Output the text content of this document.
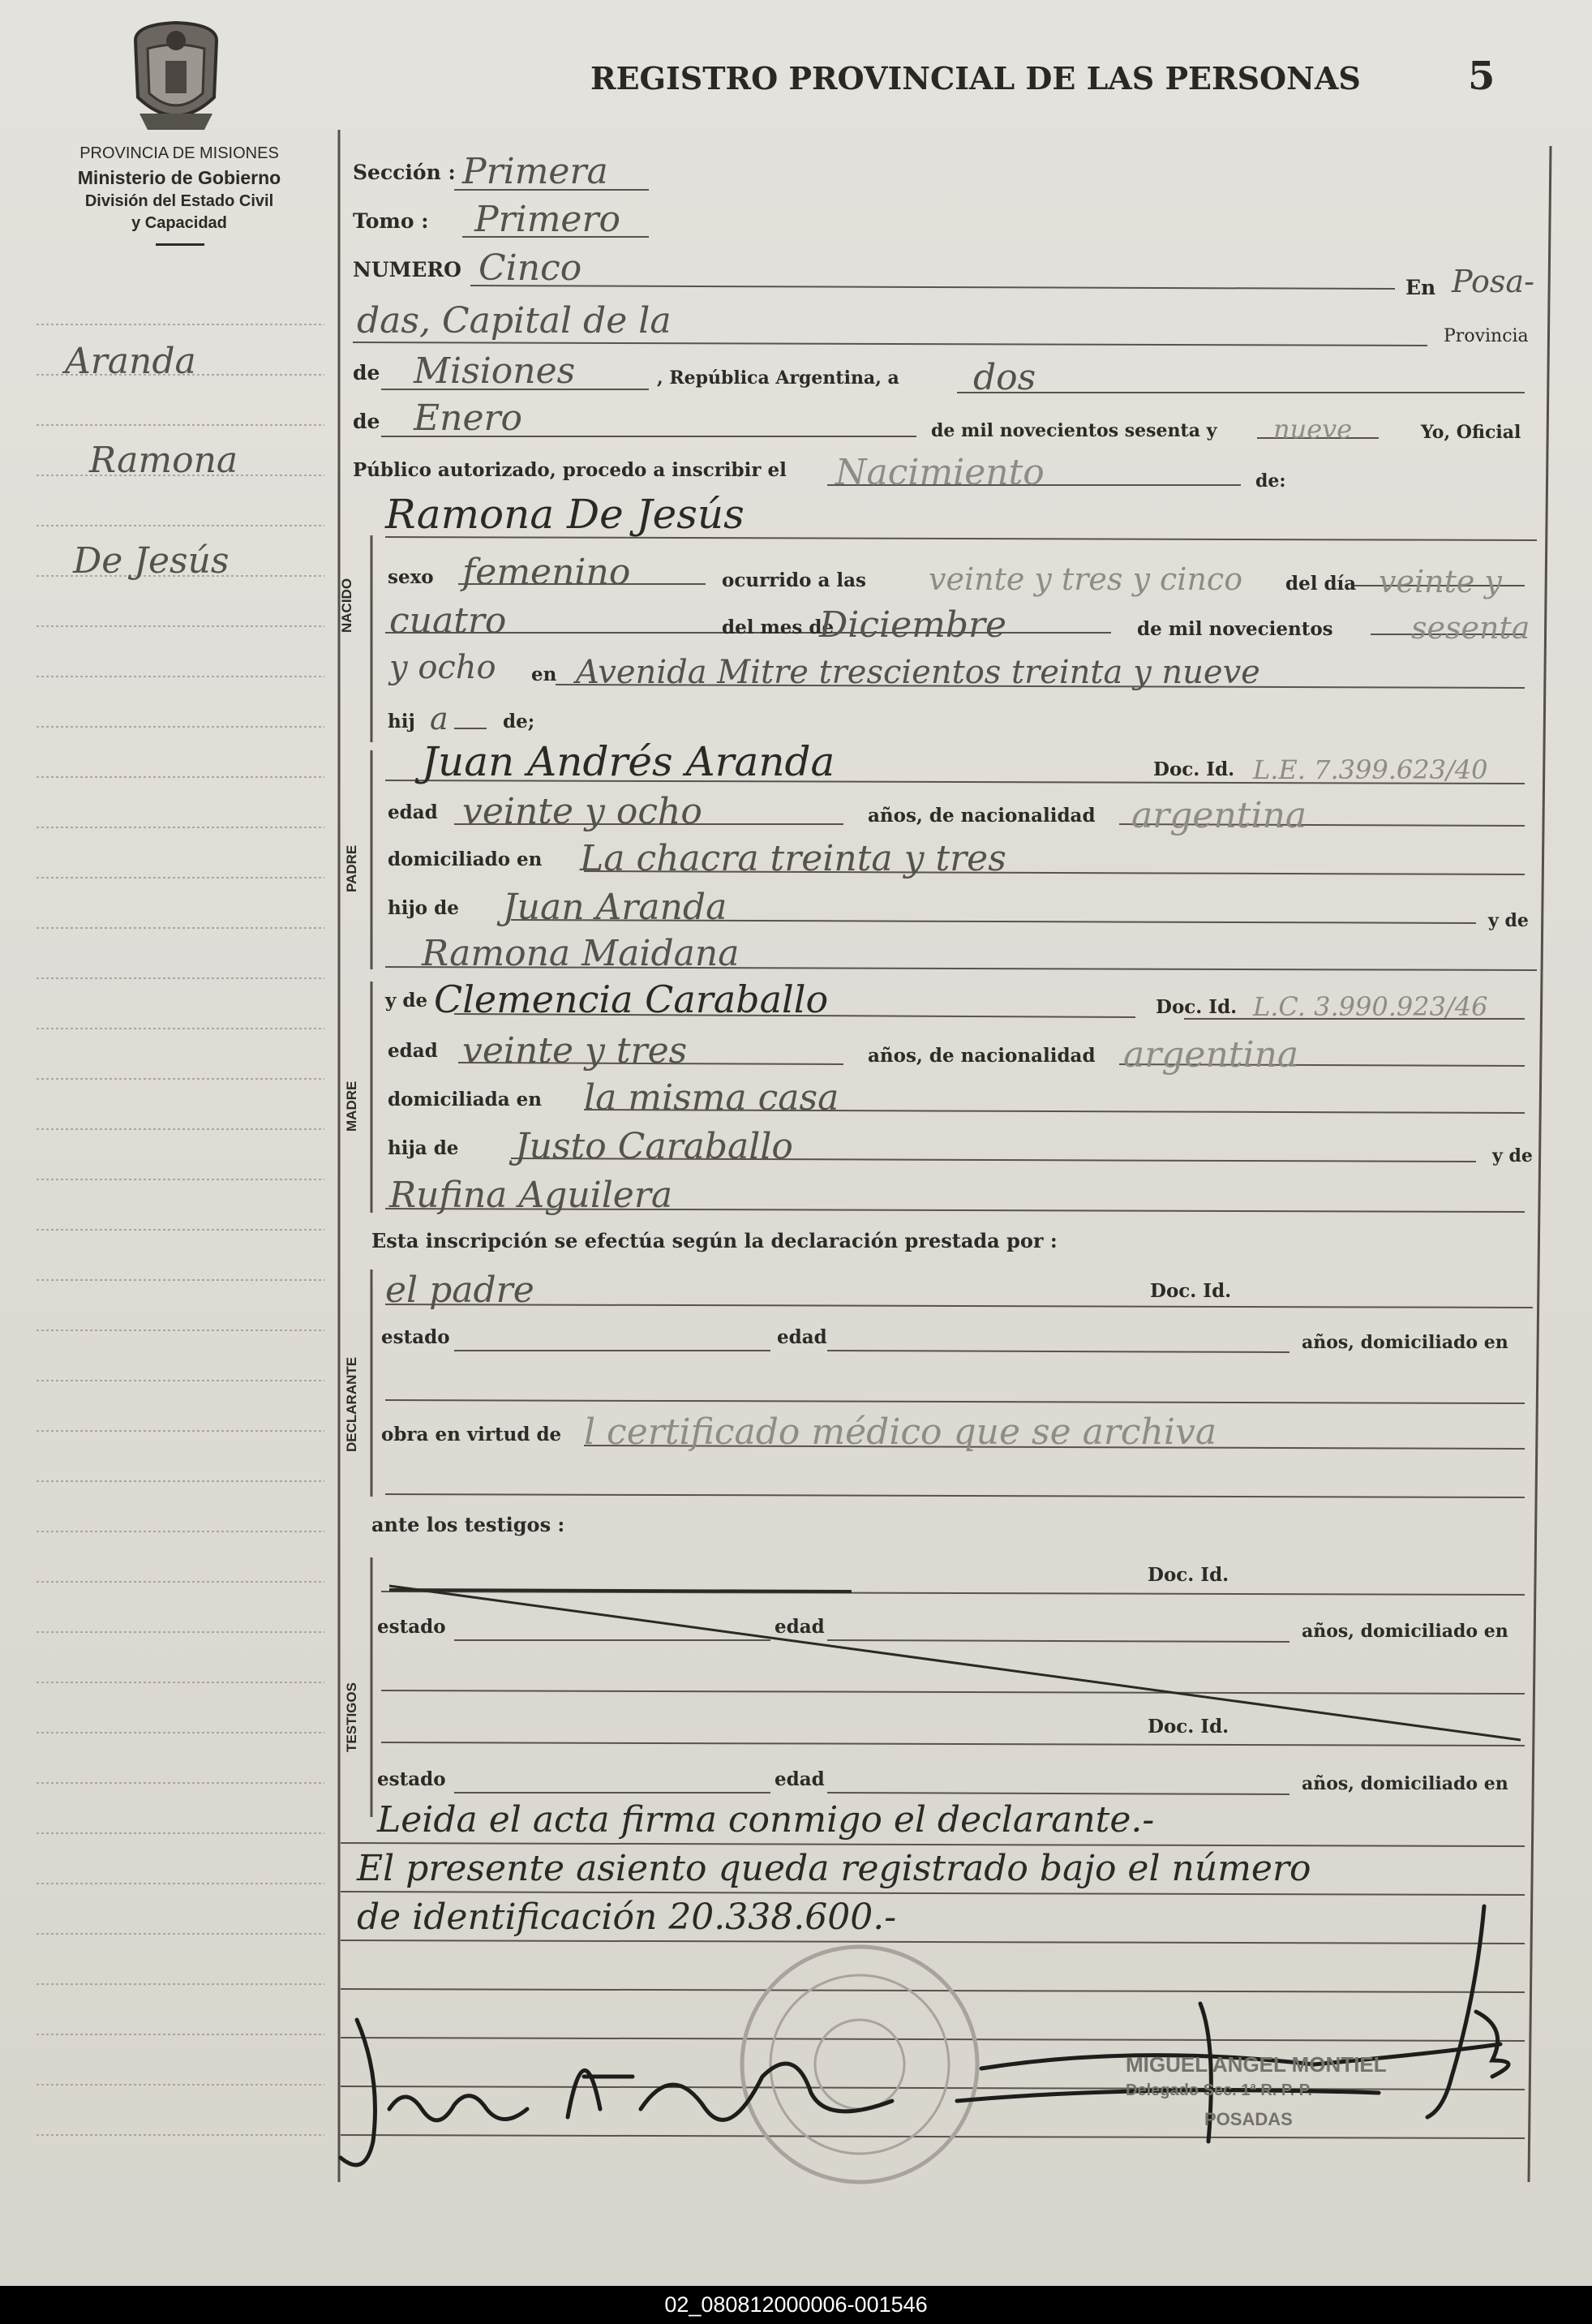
PROVINCIA DE MISIONES
Ministerio de Gobierno
División del Estado Civil
y Capacidad
REGISTRO PROVINCIAL DE LAS PERSONAS	5
Aranda
Ramona
De Jesús
Sección : Primera
Tomo : Primero
NUMERO Cinco	En Posa-
das, Capital de la	Provincia
de Misiones	, República Argentina, a dos
de Enero	de mil novecientos sesenta y nueve	Yo, Oficial
Público autorizado, procedo a inscribir el Nacimiento	de:
NACIDO
Ramona De Jesús
sexo femenino	ocurrido a las veinte y tres y cinco del día veinte y
cuatro	del mes de
Diciembre	de mil novecientos	sesenta
y ocho en Avenida Mitre trescientos treinta y nueve
hij a	de;
PADRE
Juan Andrés Aranda	Doc. Id. L.E. 7.399.623/40
edad veinte y ocho	años, de nacionalidad argentina
domiciliado en La chacra treinta y tres
hijo de Juan Aranda	y de
Ramona Maidana
MADRE
y de Clemencia Caraballo	Doc. Id. L.C. 3.990.923/46
edad veinte y tres	años, de nacionalidad argentina
domiciliada en la misma casa
hija de Justo Caraballo	y de
Rufina Aguilera
Esta inscripción se efectúa según la declaración prestada por :
DECLARANTE
el padre	Doc. Id.
estado	edad	años, domiciliado en
obra en virtud de l certificado médico que se archiva
ante los testigos :
TESTIGOS
Doc. Id.
estado	edad	años, domiciliado en
Doc. Id.
estado	edad	años, domiciliado en
Leida el acta firma conmigo el declarante.-
El presente asiento queda registrado bajo el número
de identificación 20.338.600.-
MIGUEL ANGEL MONTIEL
Delegado Sec. 1ª R. P. P.
POSADAS
02_080812000006-001546
